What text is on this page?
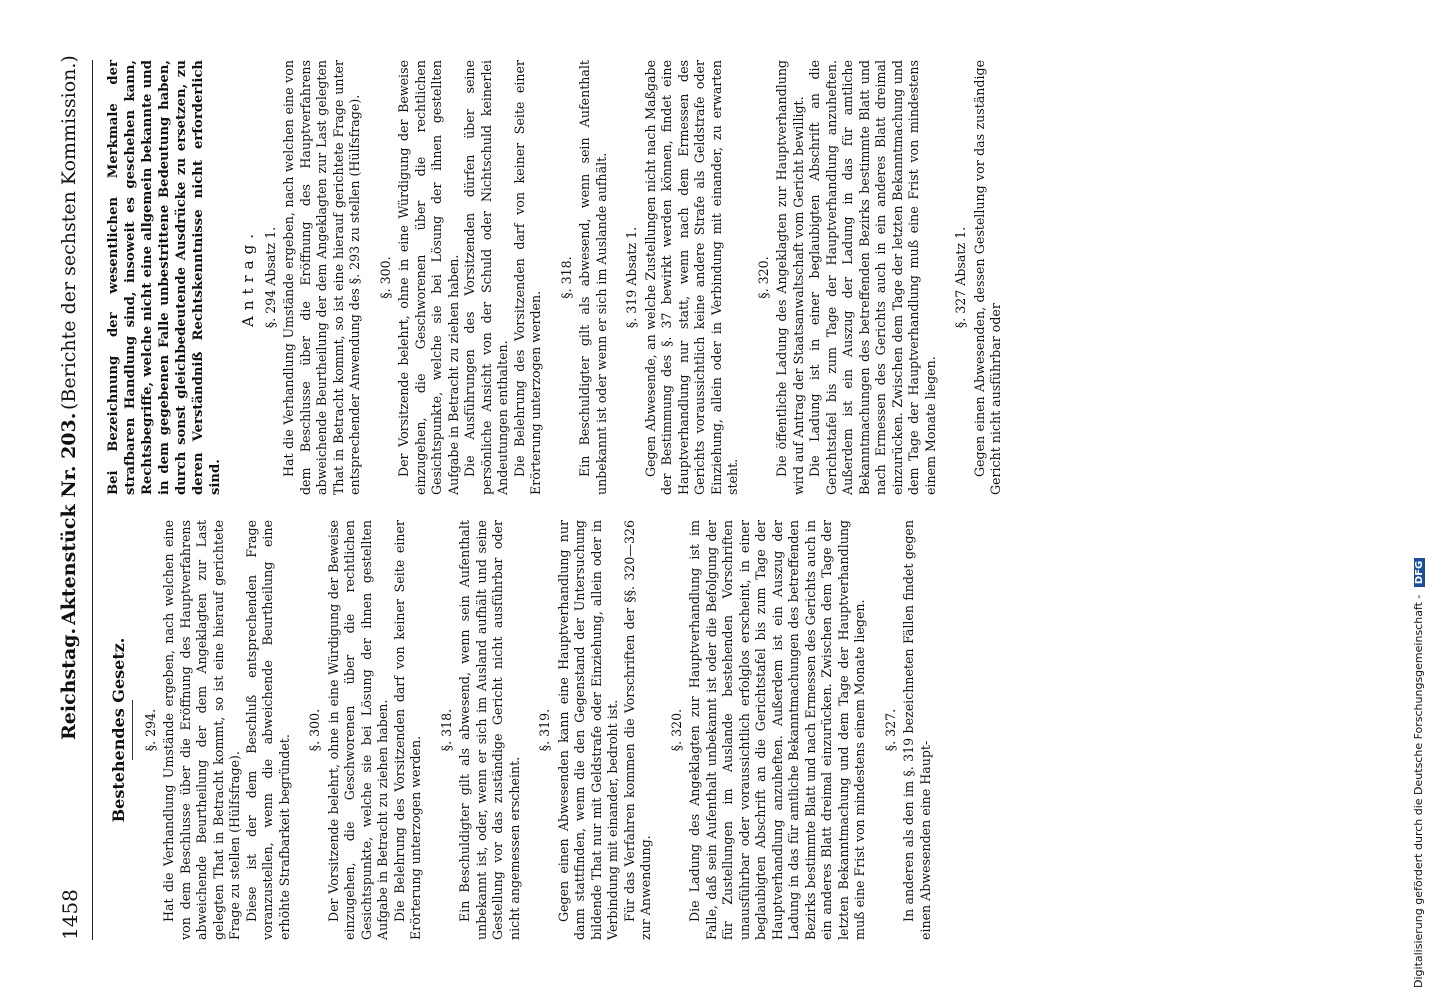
1458
Reichstag.
Aktenstück Nr. 203.
(Berichte der sechsten Kommission.)
Bestehendes Gesetz. §. 294. Hat die Verhandlung Umstände ergeben, nach welchen eine von dem Beschlusse über die Eröffnung des Hauptverfahrens abweichende Beurtheilung der dem Angeklagten zur Last gelegten That in Betracht kommt, so ist eine hierauf gerichtete Frage zu stellen (Hülfsfrage). Diese ist der dem Beschluß entsprechenden Frage voranzustellen, wenn die abweichende Beurtheilung eine erhöhte Strafbarkeit begründet.

§. 300. Der Vorsitzende belehrt, ohne in eine Würdigung der Beweise einzugehen, die Geschworenen über die rechtlichen Gesichtspunkte, welche sie bei Lösung der ihnen gestellten Aufgabe in Betracht zu ziehen haben. Die Belehrung des Vorsitzenden darf von keiner Seite einer Erörterung unterzogen werden.

§. 318. Ein Beschuldigter gilt als abwesend, wenn sein Aufenthalt unbekannt ist, oder, wenn er sich im Ausland aufhält und seine Gestellung vor das zuständige Gericht nicht ausführbar oder nicht angemessen erscheint.

§. 319. Gegen einen Abwesenden kann eine Hauptverhandlung nur dann stattfinden, wenn die den Gegenstand der Untersuchung bildende That nur mit Geldstrafe oder Einziehung, allein oder in Verbindung mit einander, bedroht ist. Für das Verfahren kommen die Vorschriften der §§. 320—326 zur Anwendung.

§. 320. Die Ladung des Angeklagten zur Hauptverhandlung ist im Falle, daß sein Aufenthalt unbekannt ist oder die Befolgung der für Zustellungen im Auslande bestehenden Vorschriften unausführbar oder voraussichtlich erfolglos erscheint, in einer beglaubigten Abschrift an die Gerichtstafel bis zum Tage der Hauptverhandlung anzuheften. Außerdem ist ein Auszug der Ladung in das für amtliche Bekanntmachungen des betreffenden Bezirks bestimmte Blatt und nach Ermessen des Gerichts auch in ein anderes Blatt dreimal einzurücken. Zwischen dem Tage der letzten Bekanntmachung und dem Tage der Hauptverhandlung muß eine Frist von mindestens einem Monate liegen. §. 327. In anderen als den im §. 319 bezeichneten Fällen findet gegen einen Abwesenden eine Haupt-

Bei Bezeichnung der wesentlichen Merkmale der strafbaren Handlung sind, insoweit es geschehen kann, Rechtsbegriffe, welche nicht eine allgemein bekannte und in dem gegebenen Falle unbestrittene Bedeutung haben, durch sonst gleichbedeutende Ausdrücke zu ersetzen, zu deren Verständniß Rechtskenntnisse nicht erforderlich sind.
Antrag. §. 294 Absatz 1. Hat die Verhandlung Umstände ergeben, nach welchen eine von dem Beschlusse über die Eröffnung des Hauptverfahrens abweichende Beurtheilung der dem Angeklagten zur Last gelegten That in Betracht kommt, so ist eine hierauf gerichtete Frage unter entsprechender Anwendung des §. 293 zu stellen (Hülfsfrage). §. 300. Der Vorsitzende belehrt, ohne in eine Würdigung der Beweise einzugehen, die Geschworenen über die rechtlichen Gesichtspunkte, welche sie bei Lösung der ihnen gestellten Aufgabe in Betracht zu ziehen haben. Die Ausführungen des Vorsitzenden dürfen über seine persönliche Ansicht von der Schuld oder Nichtschuld keinerlei Andeutungen enthalten. Die Belehrung des Vorsitzenden darf von keiner Seite einer Erörterung unterzogen werden.

§. 318. Ein Beschuldigter gilt als abwesend, wenn sein Aufenthalt unbekannt ist oder wenn er sich im Auslande aufhält. §. 319 Absatz 1. Gegen Abwesende, an welche Zustellungen nicht nach Maßgabe der Bestimmung des §. 37 bewirkt werden können, findet eine Hauptverhandlung nur statt, wenn nach dem Ermessen des Gerichts voraussichtlich keine andere Strafe als Geldstrafe oder Einziehung, allein oder in Verbindung mit einander, zu erwarten steht.

§. 320. Die öffentliche Ladung des Angeklagten zur Hauptverhandlung wird auf Antrag der Staatsanwaltschaft vom Gericht bewilligt. Die Ladung ist in einer beglaubigten Abschrift an die Gerichtstafel bis zum Tage der Hauptverhandlung anzuheften. Außerdem ist ein Auszug der Ladung in das für amtliche Bekanntmachungen des betreffenden Bezirks bestimmte Blatt und nach Ermessen des Gerichts auch in ein anderes Blatt dreimal einzurücken. Zwischen dem Tage der letzten Bekanntmachung und dem Tage der Hauptverhandlung muß eine Frist von mindestens einem Monate liegen.

§. 327 Absatz 1. Gegen einen Abwesenden, dessen Gestellung vor das zuständige Gericht nicht ausführbar oder

Digitalisierung gefördert durch die Deutsche Forschungsgemeinschaft - DFG
